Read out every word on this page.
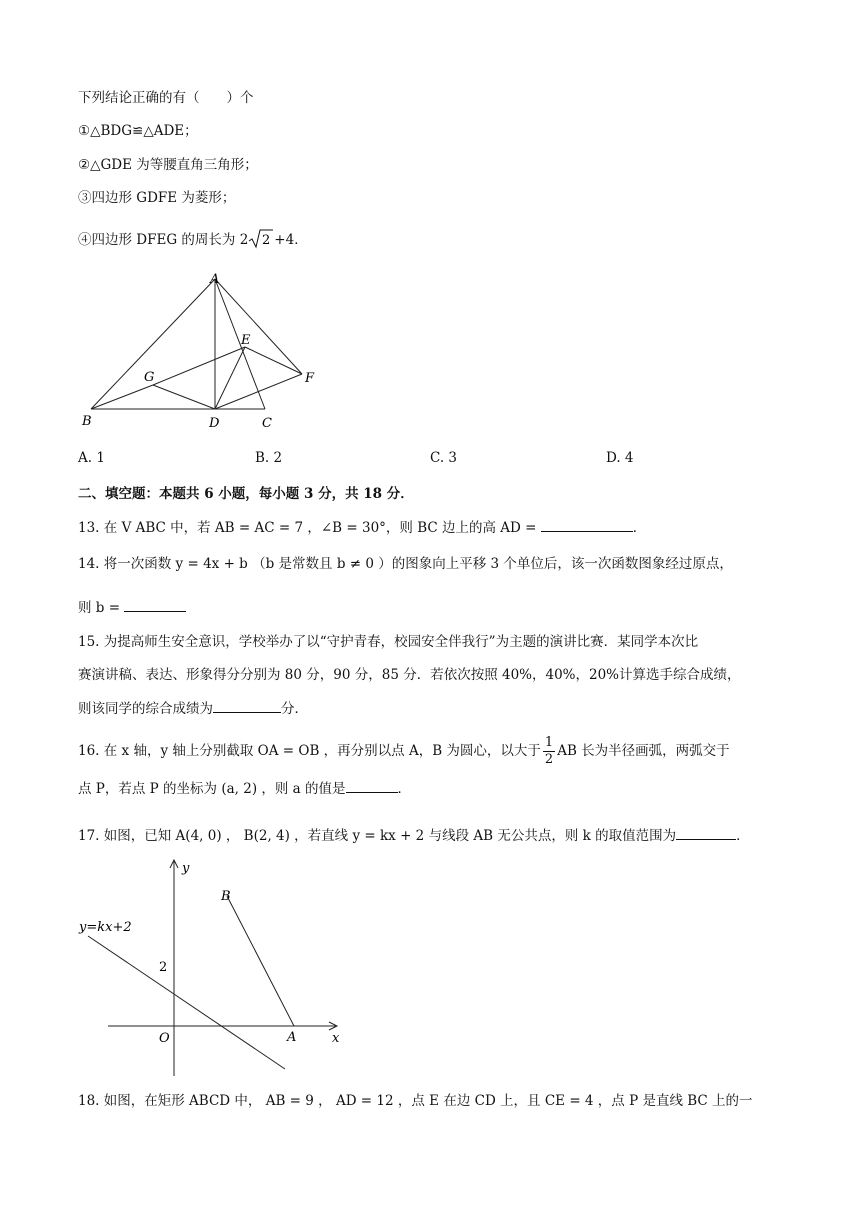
下列结论正确的有（　　）个
①△BDG≌△ADE；
②△GDE 为等腰直角三角形；
③四边形 GDFE 为菱形；
④四边形 DFEG 的周长为 2 2 +4．
A
B	C
D
E
F
G
A. 1	B. 2	C. 3	D. 4
二、填空题：本题共 6 小题，每小题 3 分，共 18 分．
13. 在 V ABC 中，若 AB = AC = 7 ，∠B = 30°，则 BC 边上的高 AD =	．
14. 将一次函数 y = 4x + b （b 是常数且 b ≠ 0 ）的图象向上平移 3 个单位后，该一次函数图象经过原点，
则 b =
15. 为提高师生安全意识，学校举办了以“守护青春，校园安全伴我行”为主题的演讲比赛．某同学本次比
赛演讲稿、表达、形象得分分别为 80 分，90 分，85 分．若依次按照 40%，40%，20%计算选手综合成绩，
则该同学的综合成绩为	分．
16. 在 x 轴，y 轴上分别截取 OA = OB ，再分别以点 A，B 为圆心，以大于 $\frac{1}{2}$ AB 长为半径画弧，两弧交于
点 P，若点 P 的坐标为 (a, 2) ，则 a 的值是	．
17. 如图，已知 A(4, 0) ， B(2, 4) ，若直线 y = kx + 2 与线段 AB 无公共点，则 k 的取值范围为	．
y
x
B
A
O
2
y=kx+2
18. 如图，在矩形 ABCD 中， AB = 9 ， AD = 12 ，点 E 在边 CD 上，且 CE = 4 ，点 P 是直线 BC 上的一
